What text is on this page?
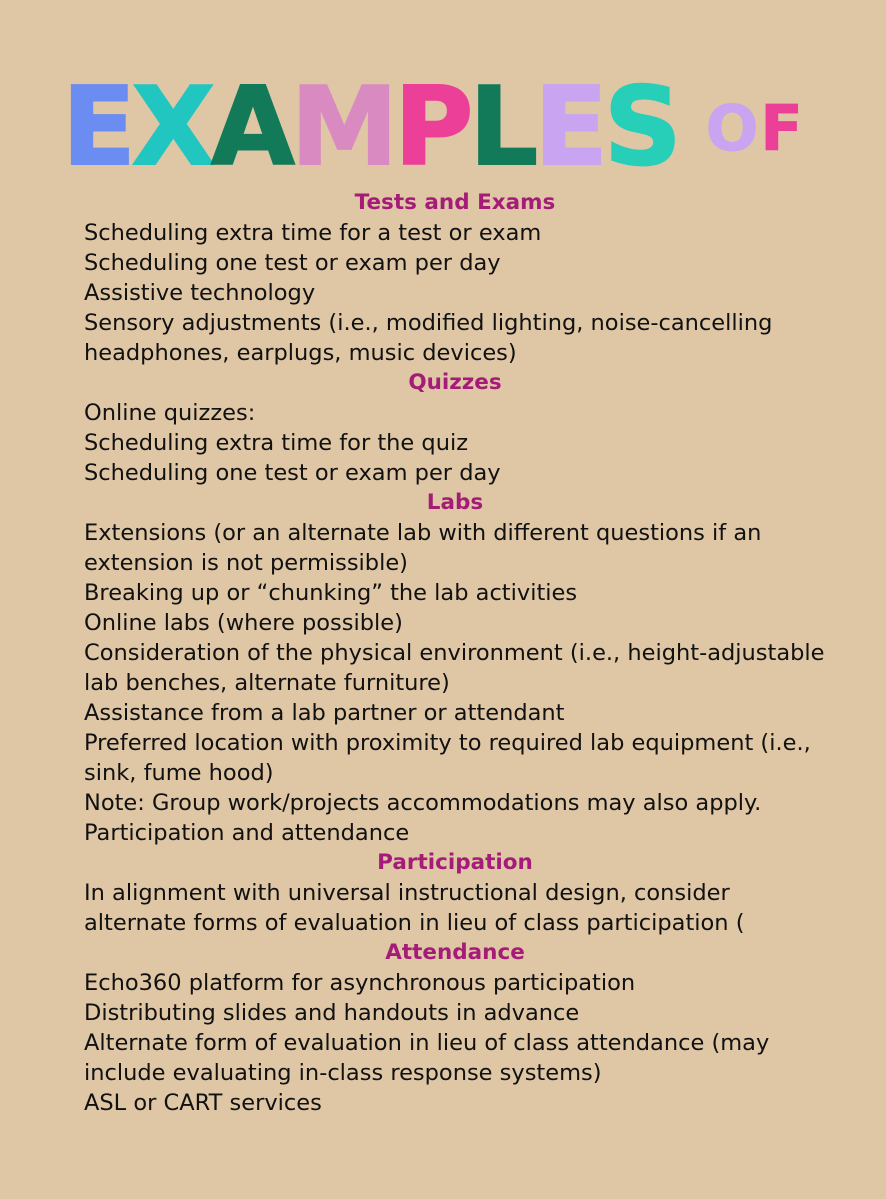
E X A M P L E S O F
Tests and Exams
Scheduling extra time for a test or exam
Scheduling one test or exam per day
Assistive technology
Sensory adjustments (i.e., modified lighting, noise-cancelling
headphones, earplugs, music devices)
Quizzes
Online quizzes:
Scheduling extra time for the quiz
Scheduling one test or exam per day
Labs
Extensions (or an alternate lab with different questions if an
extension is not permissible)
Breaking up or “chunking” the lab activities
Online labs (where possible)
Consideration of the physical environment (i.e., height-adjustable
lab benches, alternate furniture)
Assistance from a lab partner or attendant
Preferred location with proximity to required lab equipment (i.e.,
sink, fume hood)
Note: Group work/projects accommodations may also apply.
Participation and attendance
Participation
In alignment with universal instructional design, consider
alternate forms of evaluation in lieu of class participation (
Attendance
Echo360 platform for asynchronous participation
Distributing slides and handouts in advance
Alternate form of evaluation in lieu of class attendance (may
include evaluating in-class response systems)
ASL or CART services
